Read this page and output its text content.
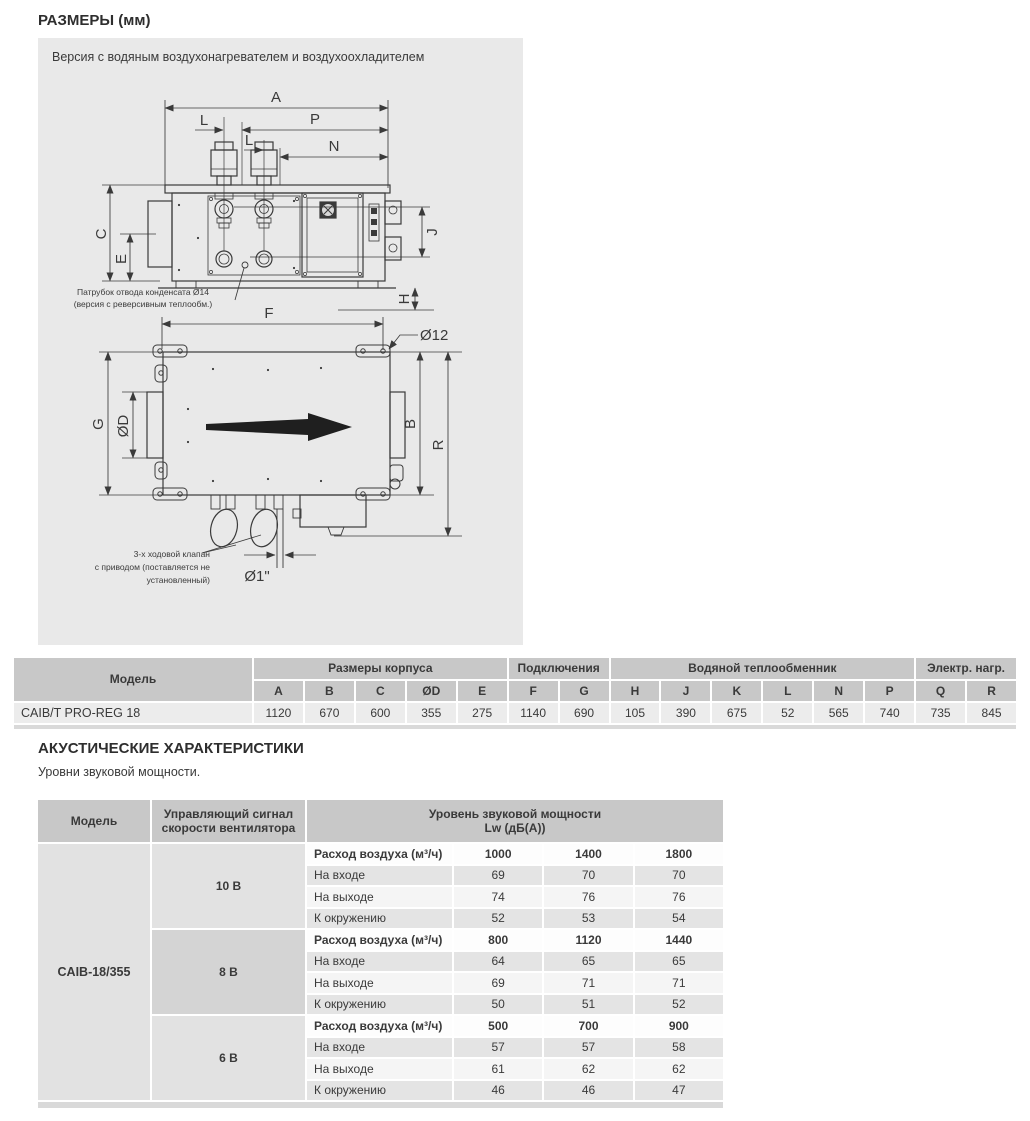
РАЗМЕРЫ (мм)
Версия с водяным воздухонагревателем и воздухоохладителем
A
P
L
L	N
C
E
J
H
F
Ø12
G ØD	B
R
Ø1"
Патрубок отвода конденсата Ø14
(версия с реверсивным теплообм.)
3-х ходовой клапан
с приводом (поставляется не
установленный)
Модель
Размеры корпуса	Подключения	Водяной теплообменник	Электр. нагр.
A	B	C	ØD	E	F	G	H	J	K	L	N	P	Q	R
CAIB/T PRO-REG 18	1120	670	600	355	275	1140	690	105	390	675	52	565	740	735	845
АКУСТИЧЕСКИЕ ХАРАКТЕРИСТИКИ
Уровни звуковой мощности.
Модель
Управляющий сигнал
скорости вентилятора
Уровень звуковой мощности
Lw (дБ(A))
CAIB-18/355
10 В
8 В
6 В
Расход воздуха (м³/ч)	1000	1400	1800
На входе	69	70	70
На выходе	74	76	76
К окружению	52	53	54
Расход воздуха (м³/ч)	800	1120	1440
На входе	64	65	65
На выходе	69	71	71
К окружению	50	51	52
Расход воздуха (м³/ч)	500	700	900
На входе	57	57	58
На выходе	61	62	62
К окружению	46	46	47
